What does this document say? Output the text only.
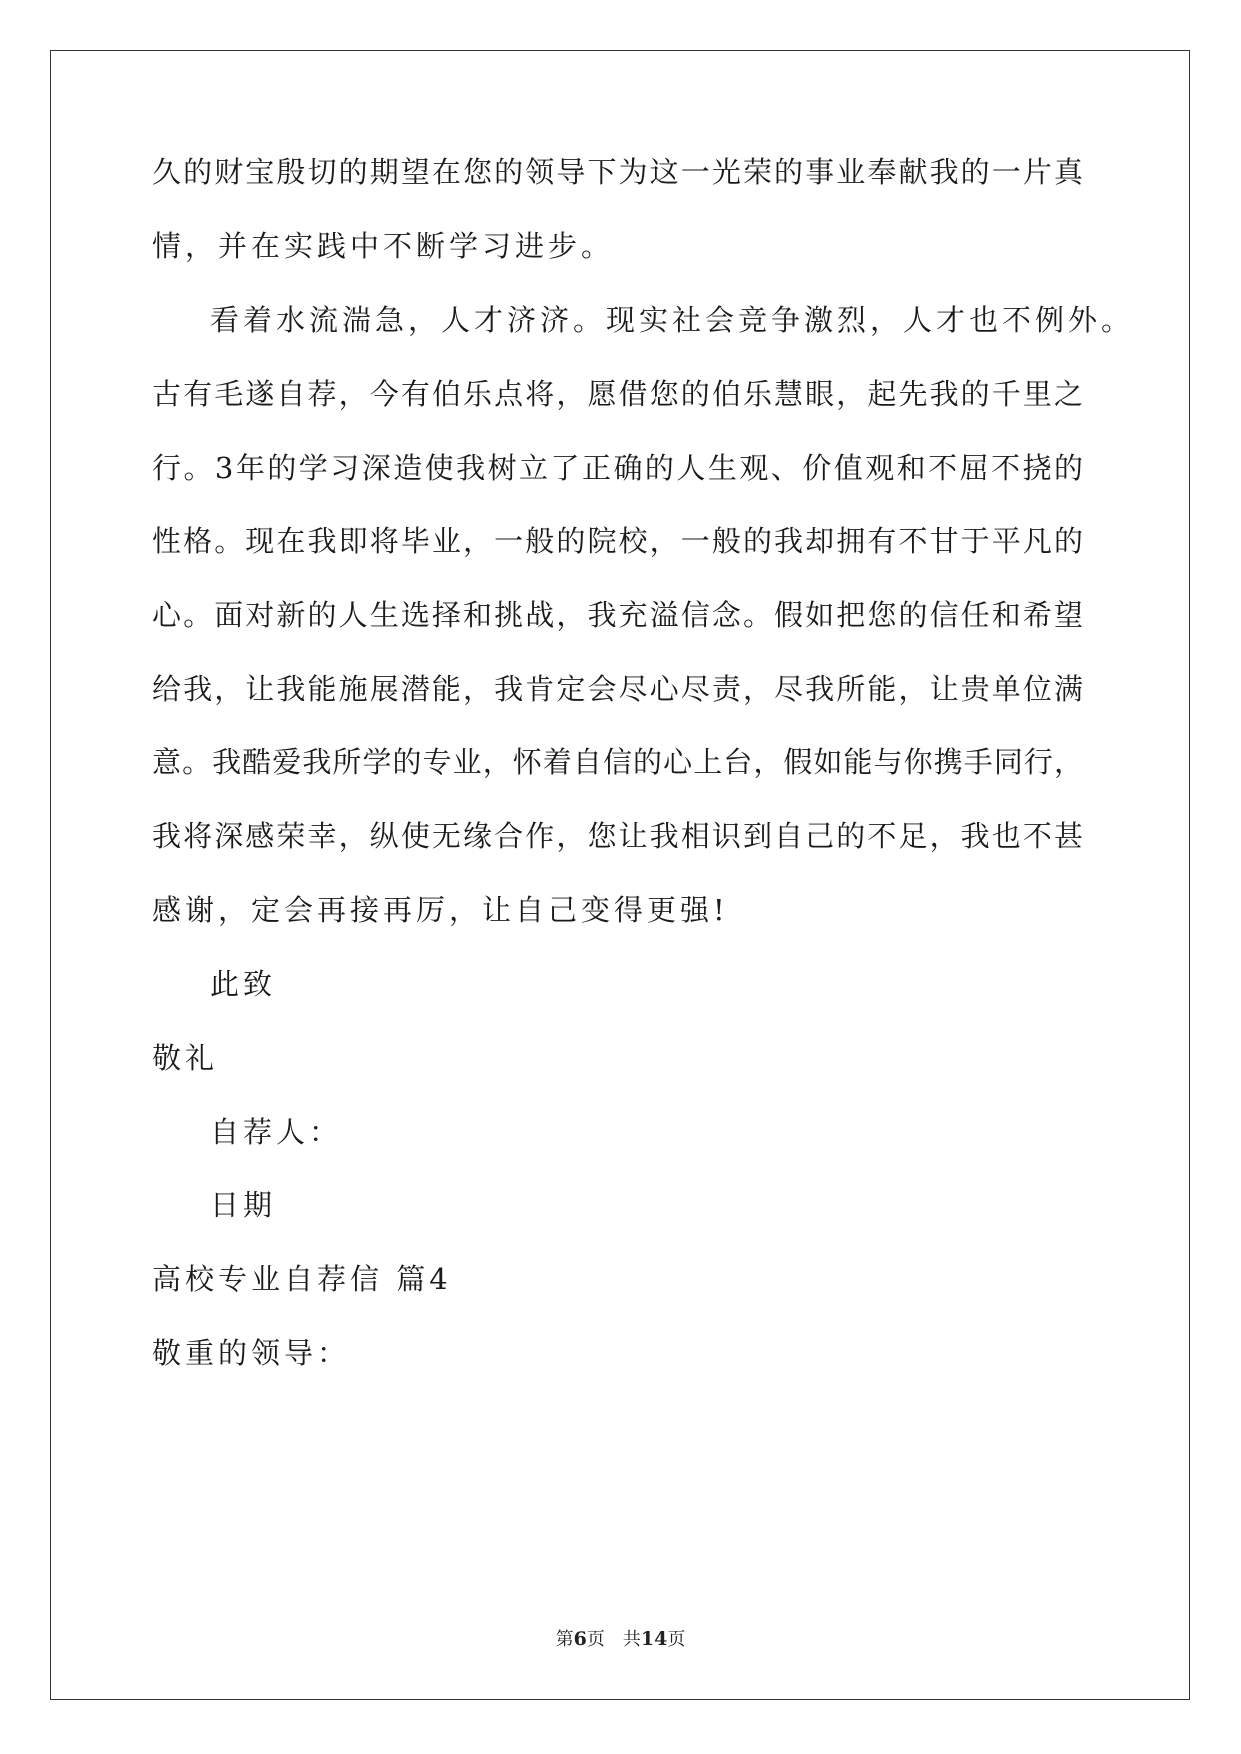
久的财宝殷切的期望在您的领导下为这一光荣的事业奉献我的一片真
情，并在实践中不断学习进步。
看着水流湍急，人才济济。现实社会竞争激烈，人才也不例外。
古有毛遂自荐，今有伯乐点将，愿借您的伯乐慧眼，起先我的千里之
行。3年的学习深造使我树立了正确的人生观、价值观和不屈不挠的
性格。现在我即将毕业，一般的院校，一般的我却拥有不甘于平凡的
心。面对新的人生选择和挑战，我充溢信念。假如把您的信任和希望
给我，让我能施展潜能，我肯定会尽心尽责，尽我所能，让贵单位满
意。我酷爱我所学的专业，怀着自信的心上台，假如能与你携手同行，
我将深感荣幸，纵使无缘合作，您让我相识到自己的不足，我也不甚
感谢，定会再接再厉，让自己变得更强!
此致
敬礼
自荐人：
日期
高校专业自荐信 篇4
敬重的领导：
第6页 共14页
